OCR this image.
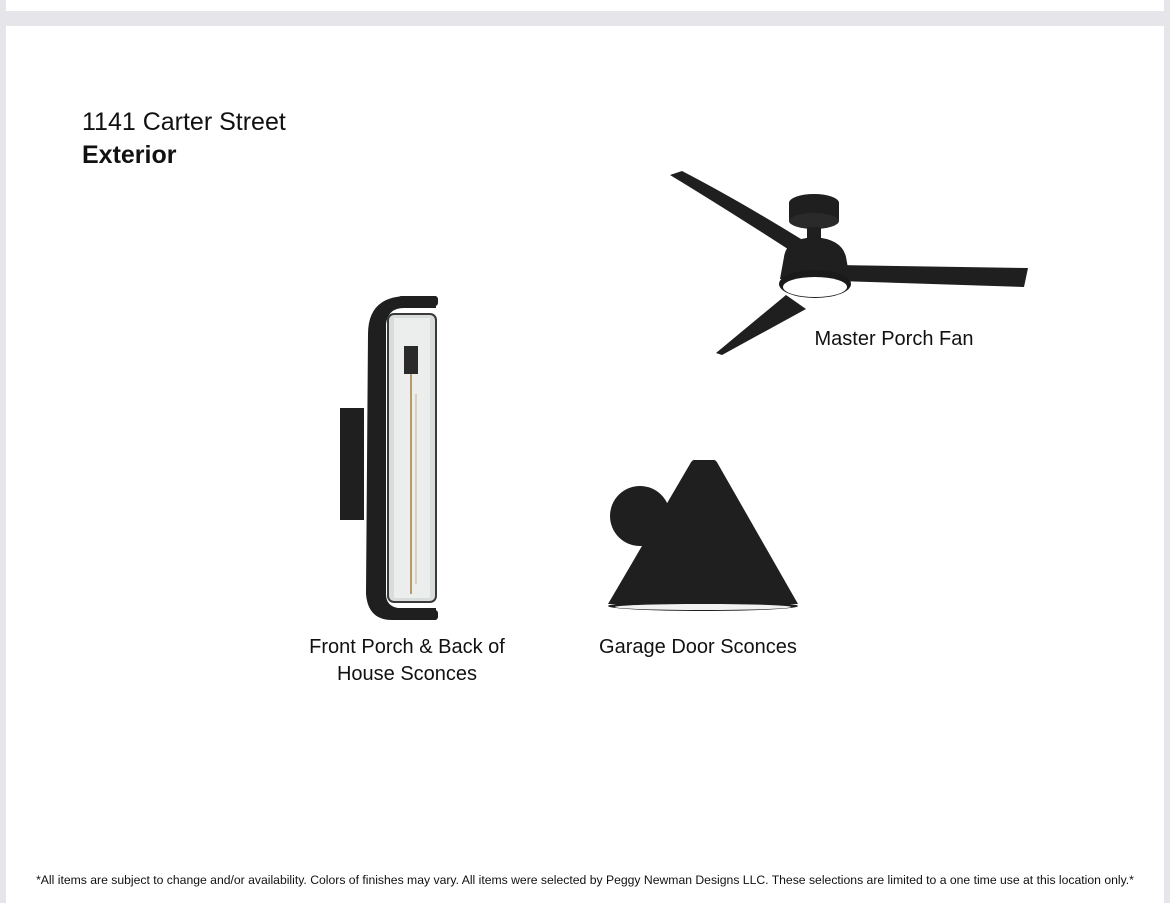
1141 Carter Street
Exterior
Master Porch Fan
Front Porch & Back of House Sconces
Garage Door Sconces
*All items are subject to change and/or availability. Colors of finishes may vary. All items were selected by Peggy Newman Designs LLC. These selections are limited to a one time use at this location only.*
